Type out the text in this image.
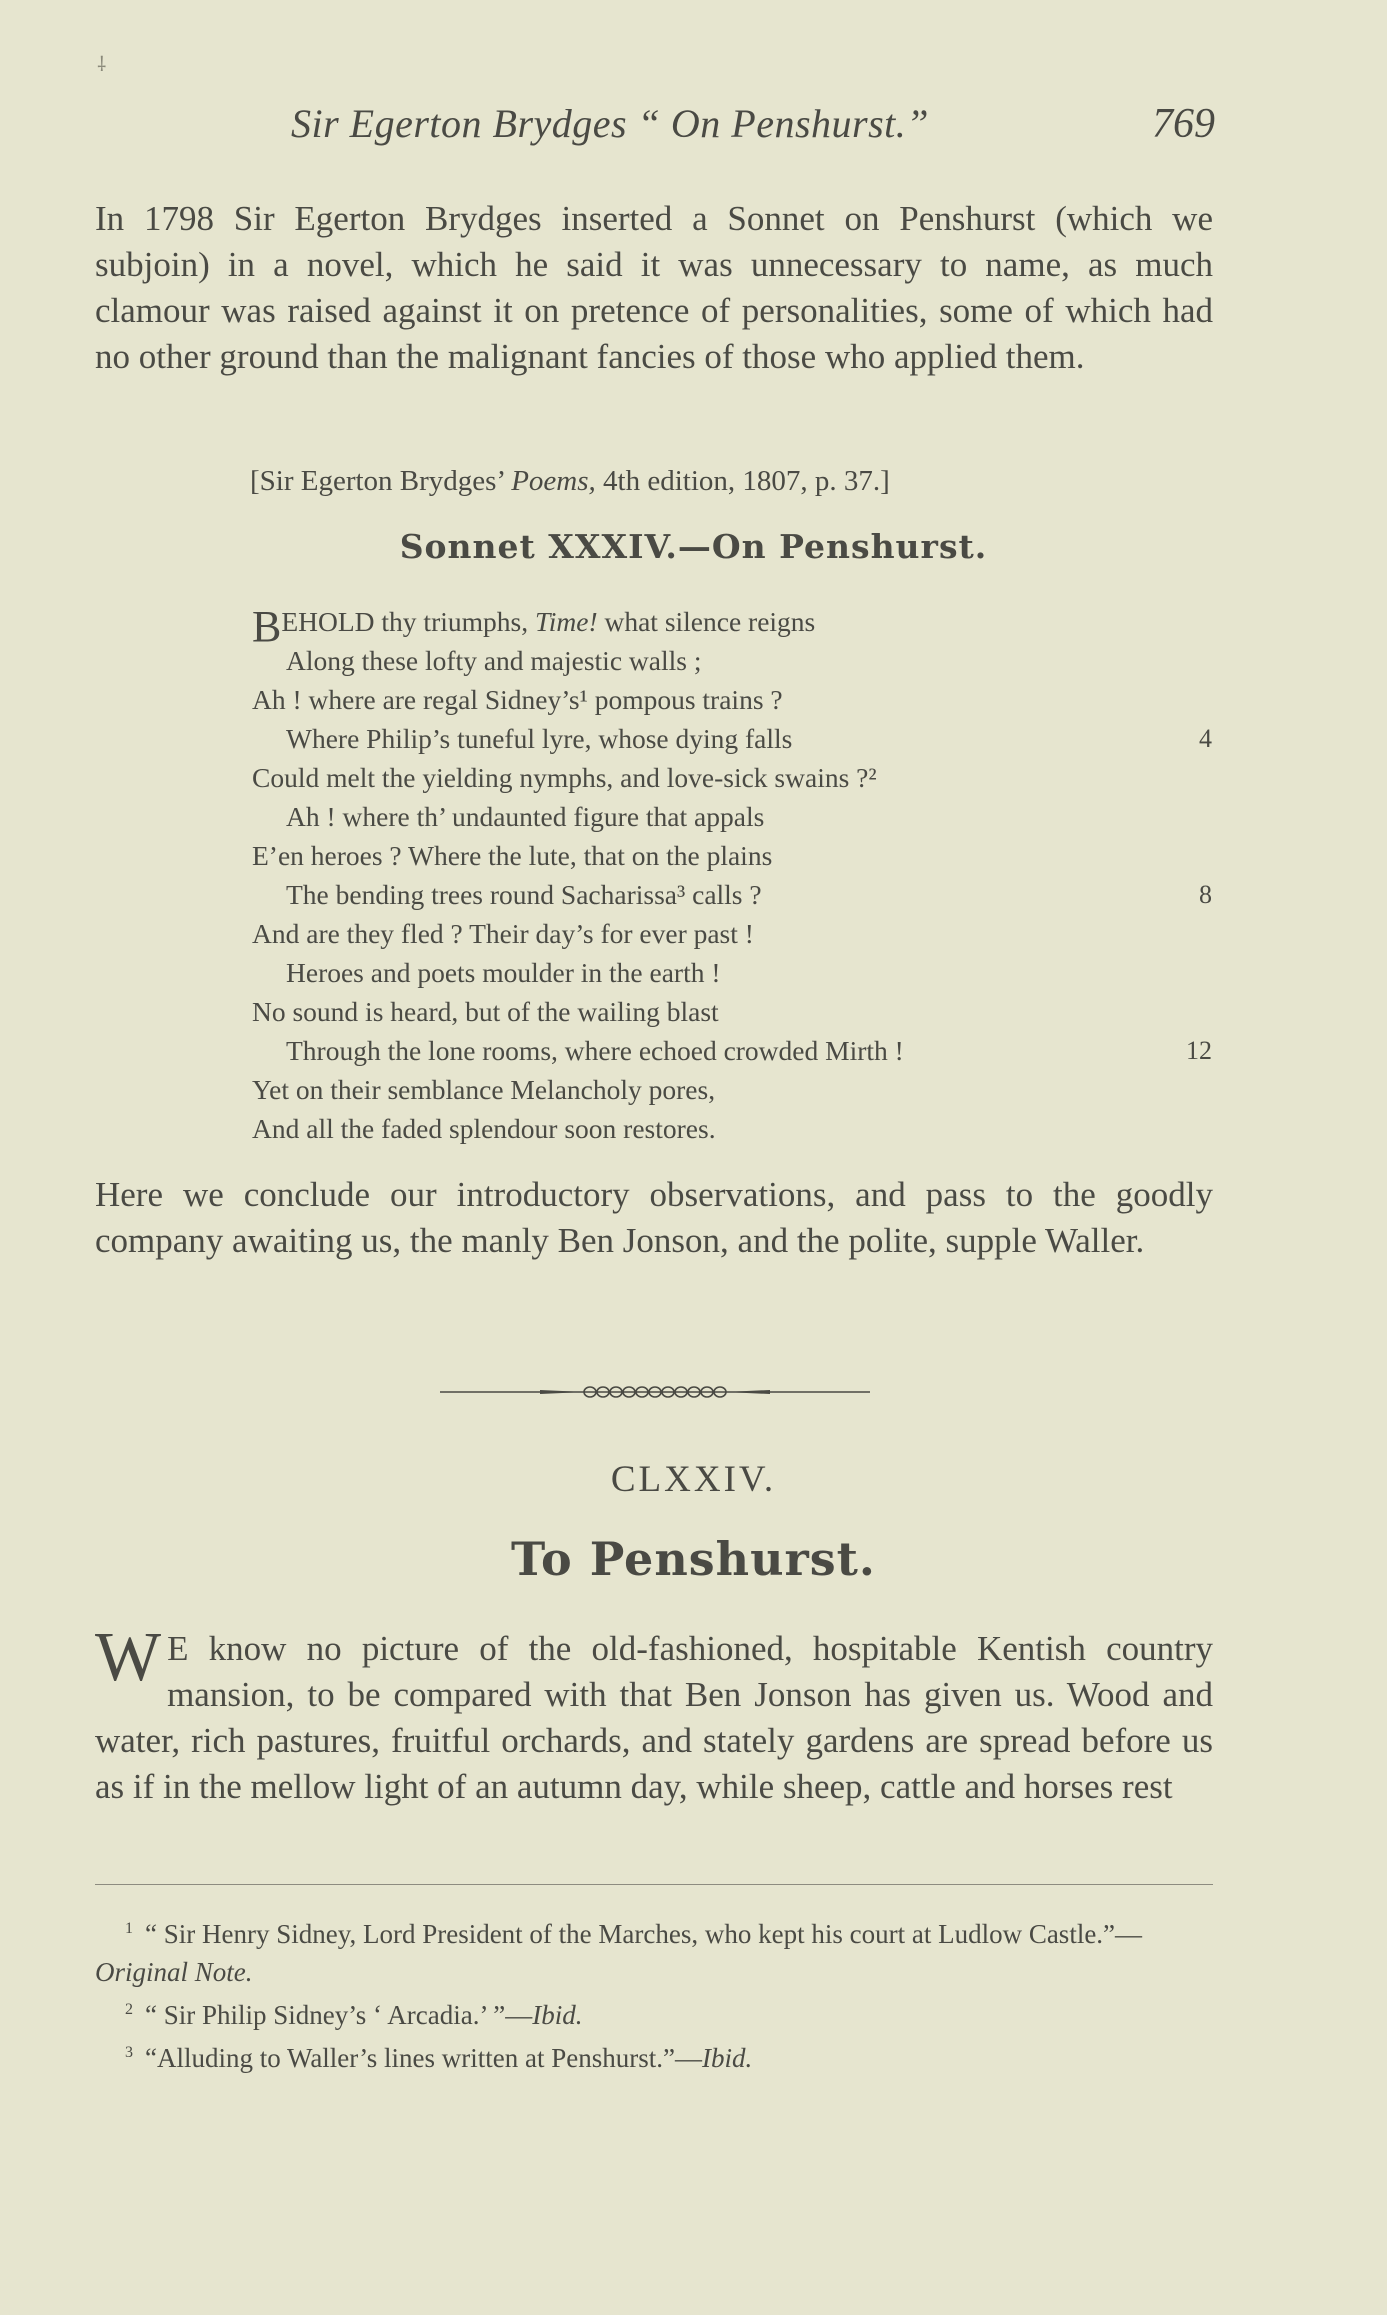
⸸
Sir Egerton Brydges “ On Penshurst.”	769

In 1798 Sir Egerton Brydges inserted a Sonnet on Penshurst (which we subjoin) in a novel, which he said it was unnecessary to name, as much clamour was raised against it on pretence of personalities, some of which had no other ground than the malignant fancies of those who applied them.

[Sir Egerton Brydges’ Poems, 4th edition, 1807, p. 37.]
Sonnet XXXIV.—On Penshurst.
BEHOLD thy triumphs, Time! what silence reigns
Along these lofty and majestic walls ;
Ah ! where are regal Sidney’s¹ pompous trains ?
Where Philip’s tuneful lyre, whose dying falls	4
Could melt the yielding nymphs, and love-sick swains ?²
Ah ! where th’ undaunted figure that appals
E’en heroes ? Where the lute, that on the plains
The bending trees round Sacharissa³ calls ?	8
And are they fled ? Their day’s for ever past !
Heroes and poets moulder in the earth !
No sound is heard, but of the wailing blast
Through the lone rooms, where echoed crowded Mirth !	12
Yet on their semblance Melancholy pores,
And all the faded splendour soon restores.

Here we conclude our introductory observations, and pass to the goodly company awaiting us, the manly Ben Jonson, and the polite, supple Waller.

CLXXIV.
To Penshurst.
W E know no picture of the old-fashioned, hospitable Kentish country mansion, to be compared with that Ben Jonson has given us. Wood and water, rich pastures, fruitful orchards, and stately gardens are spread before us as if in the mellow light of an autumn day, while sheep, cattle and horses rest

$^1$ “ Sir Henry Sidney, Lord President of the Marches, who kept his court at Ludlow Castle.”—Original Note.

$^2$ “ Sir Philip Sidney’s ‘ Arcadia.’ ”—Ibid.

$^3$ “Alluding to Waller’s lines written at Penshurst.”—Ibid.
